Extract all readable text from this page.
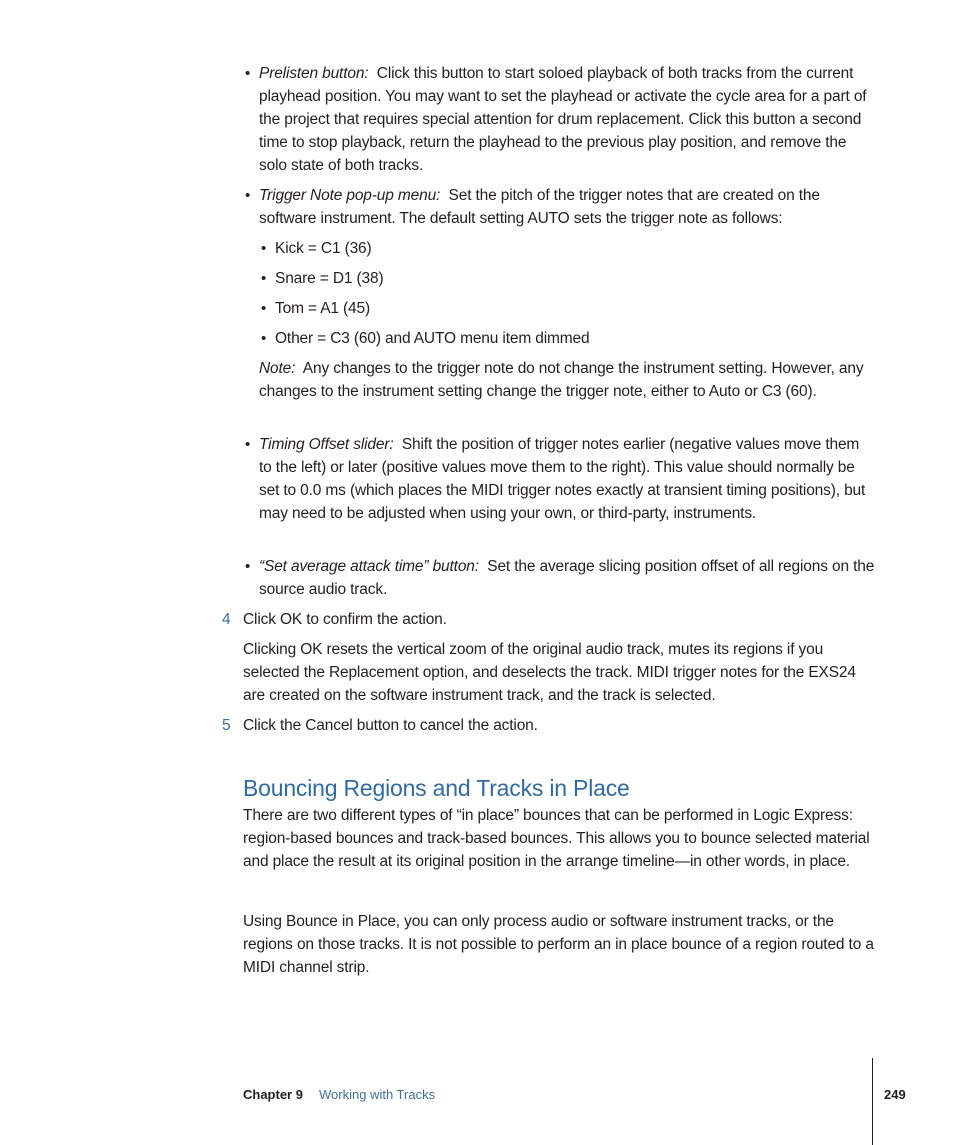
• Prelisten button: Click this button to start soloed playback of both tracks from the current playhead position. You may want to set the playhead or activate the cycle area for a part of the project that requires special attention for drum replacement. Click this button a second time to stop playback, return the playhead to the previous play position, and remove the solo state of both tracks.

• Trigger Note pop-up menu: Set the pitch of the trigger notes that are created on the software instrument. The default setting AUTO sets the trigger note as follows:

• Kick = C1 (36)

• Snare = D1 (38)

• Tom = A1 (45)

• Other = C3 (60) and AUTO menu item dimmed

Note: Any changes to the trigger note do not change the instrument setting. However, any changes to the instrument setting change the trigger note, either to Auto or C3 (60).

• Timing Offset slider: Shift the position of trigger notes earlier (negative values move them to the left) or later (positive values move them to the right). This value should normally be set to 0.0 ms (which places the MIDI trigger notes exactly at transient timing positions), but may need to be adjusted when using your own, or third-party, instruments.

• “Set average attack time” button: Set the average slicing position offset of all regions on the source audio track.

4 Click OK to confirm the action.

Clicking OK resets the vertical zoom of the original audio track, mutes its regions if you selected the Replacement option, and deselects the track. MIDI trigger notes for the EXS24 are created on the software instrument track, and the track is selected.

5 Click the Cancel button to cancel the action.

Bouncing Regions and Tracks in Place

There are two different types of “in place” bounces that can be performed in Logic Express: region-based bounces and track-based bounces. This allows you to bounce selected material and place the result at its original position in the arrange timeline—in other words, in place.

Using Bounce in Place, you can only process audio or software instrument tracks, or the regions on those tracks. It is not possible to perform an in place bounce of a region routed to a MIDI channel strip.

Chapter 9 Working with Tracks	249
